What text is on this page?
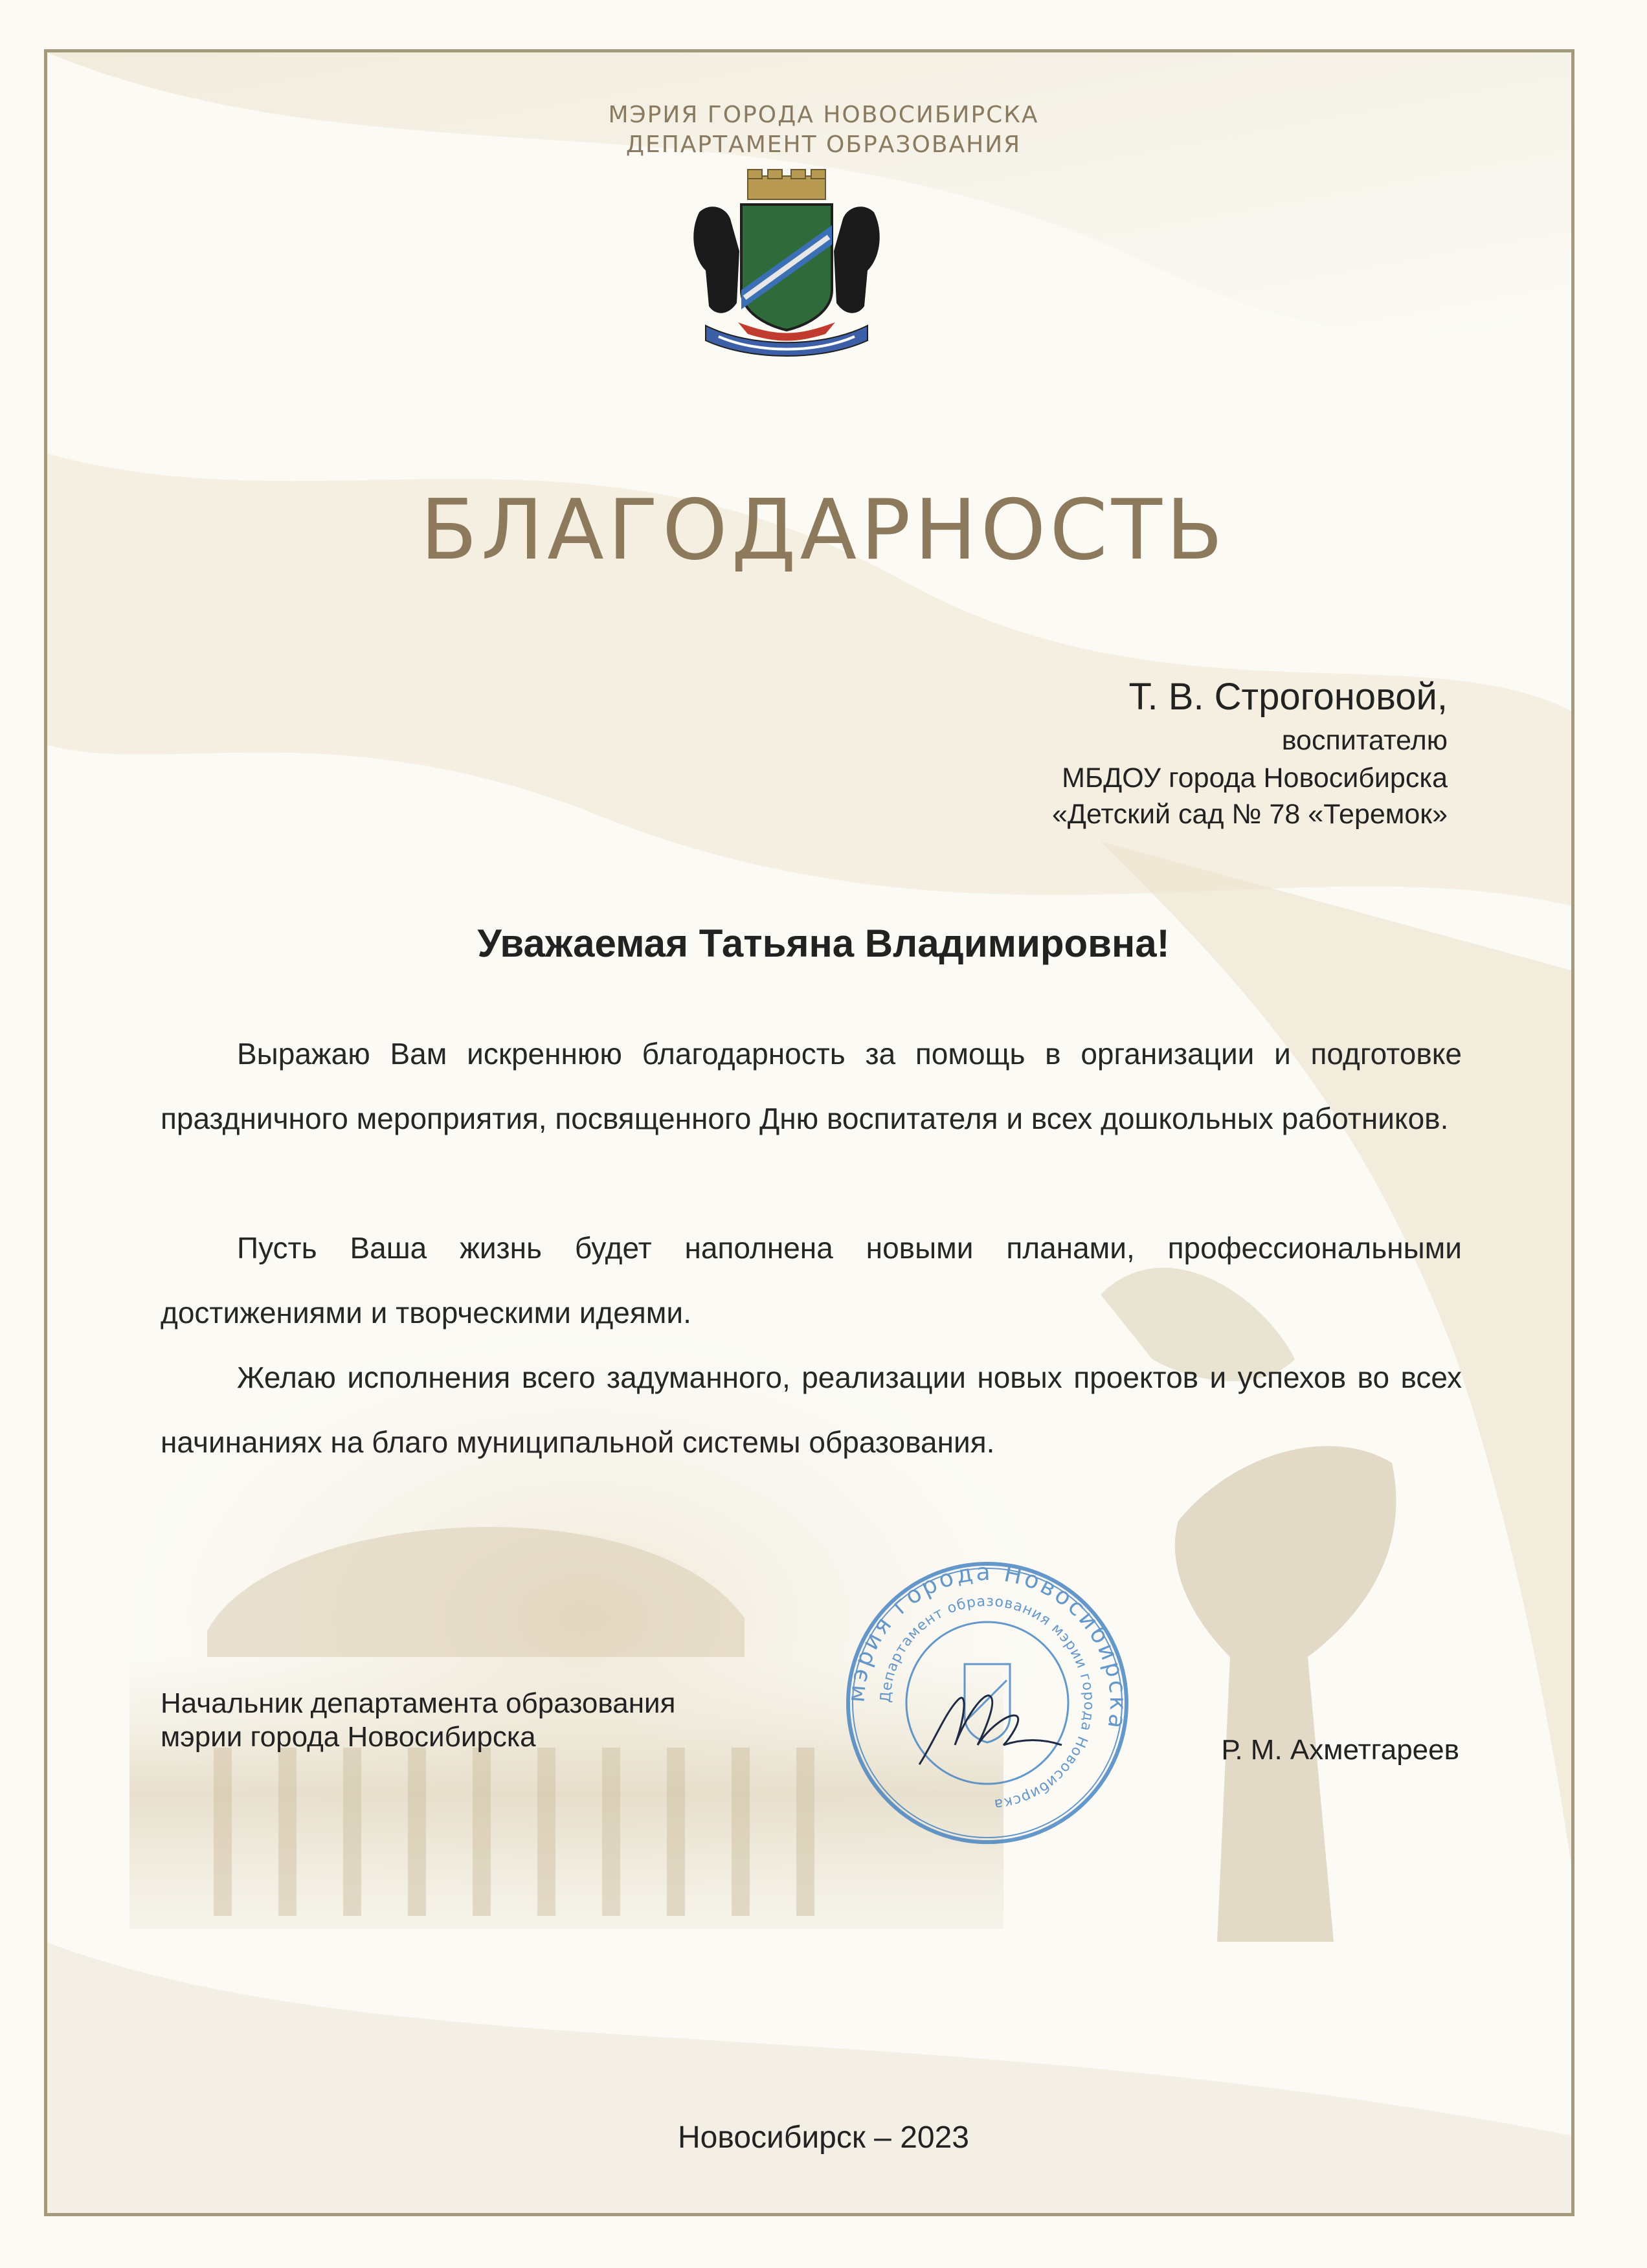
МЭРИЯ ГОРОДА НОВОСИБИРСКА
ДЕПАРТАМЕНТ ОБРАЗОВАНИЯ
БЛАГОДАРНОСТЬ
Т. В. Строгоновой,
воспитателю
МБДОУ города Новосибирска
«Детский сад № 78 «Теремок»
Уважаемая Татьяна Владимировна!

Выражаю Вам искреннюю благодарность за помощь в организации и подготовке праздничного мероприятия, посвященного Дню воспитателя и всех дошкольных работников.

Пусть Ваша жизнь будет наполнена новыми планами, профессиональными достижениями и творческими идеями.

Желаю исполнения всего задуманного, реализации новых проектов и успехов во всех начинаниях на благо муниципальной системы образования.

мэрия города Новосибирска
Департамент образования мэрии города Новосибирска
Начальник департамента образования
мэрии города Новосибирска	Р. М. Ахметгареев
Новосибирск – 2023
